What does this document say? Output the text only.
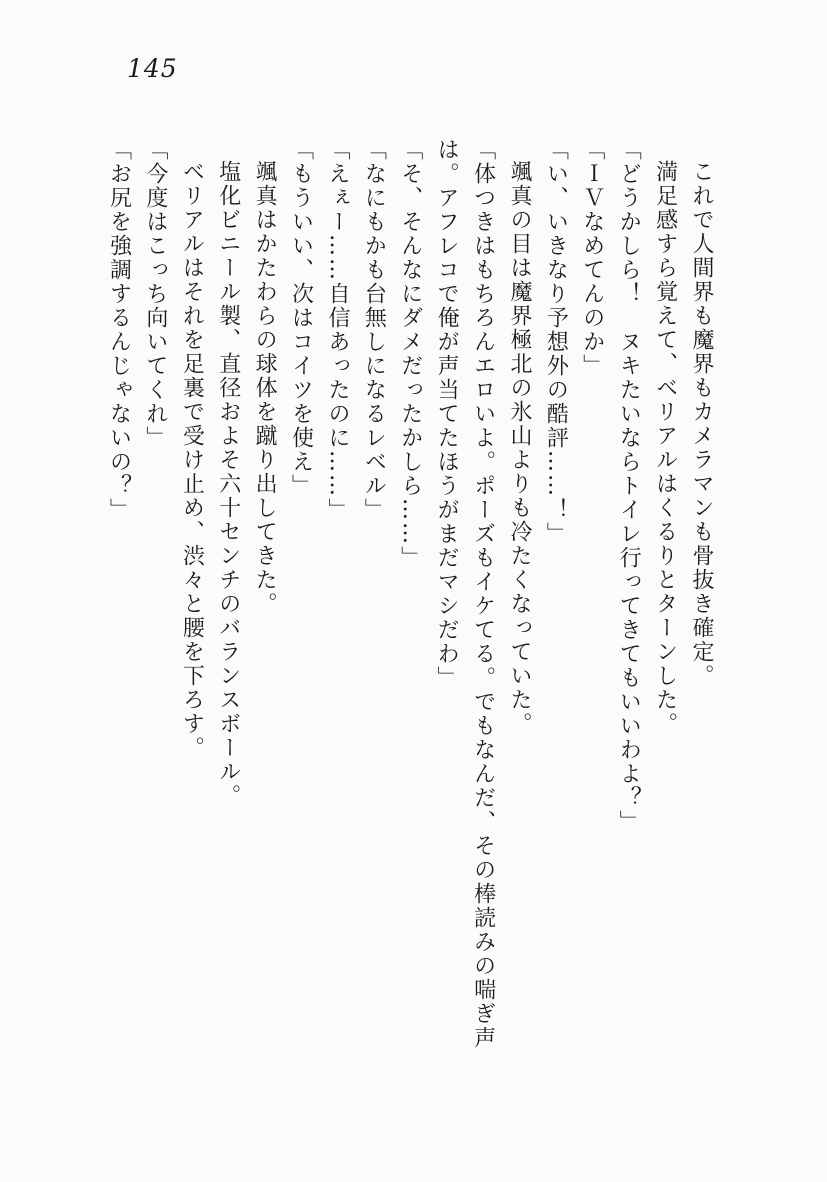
145

これで人間界も魔界もカメラマンも骨抜き確定。

満足感すら覚えて、ベリアルはくるりとターンした。

「どうかしら！　ヌキたいならトイレ行ってきてもいいわよ？」

「ＩＶなめてんのか」

「い、いきなり予想外の酷評……！」

颯真の目は魔界極北の氷山よりも冷たくなっていた。

「体つきはもちろんエロいよ。ポーズもイケてる。でもなんだ、その棒読みの喘ぎ声は。アフレコで俺が声当てたほうがまだマシだわ」

「そ、そんなにダメだったかしら……」

「なにもかも台無しになるレベル」

「えぇー……自信あったのに……」

「もういい、次はコイツを使え」

颯真はかたわらの球体を蹴り出してきた。

塩化ビニール製、直径およそ六十センチのバランスボール。

ベリアルはそれを足裏で受け止め、渋々と腰を下ろす。

「今度はこっち向いてくれ」

「お尻を強調するんじゃないの？」
